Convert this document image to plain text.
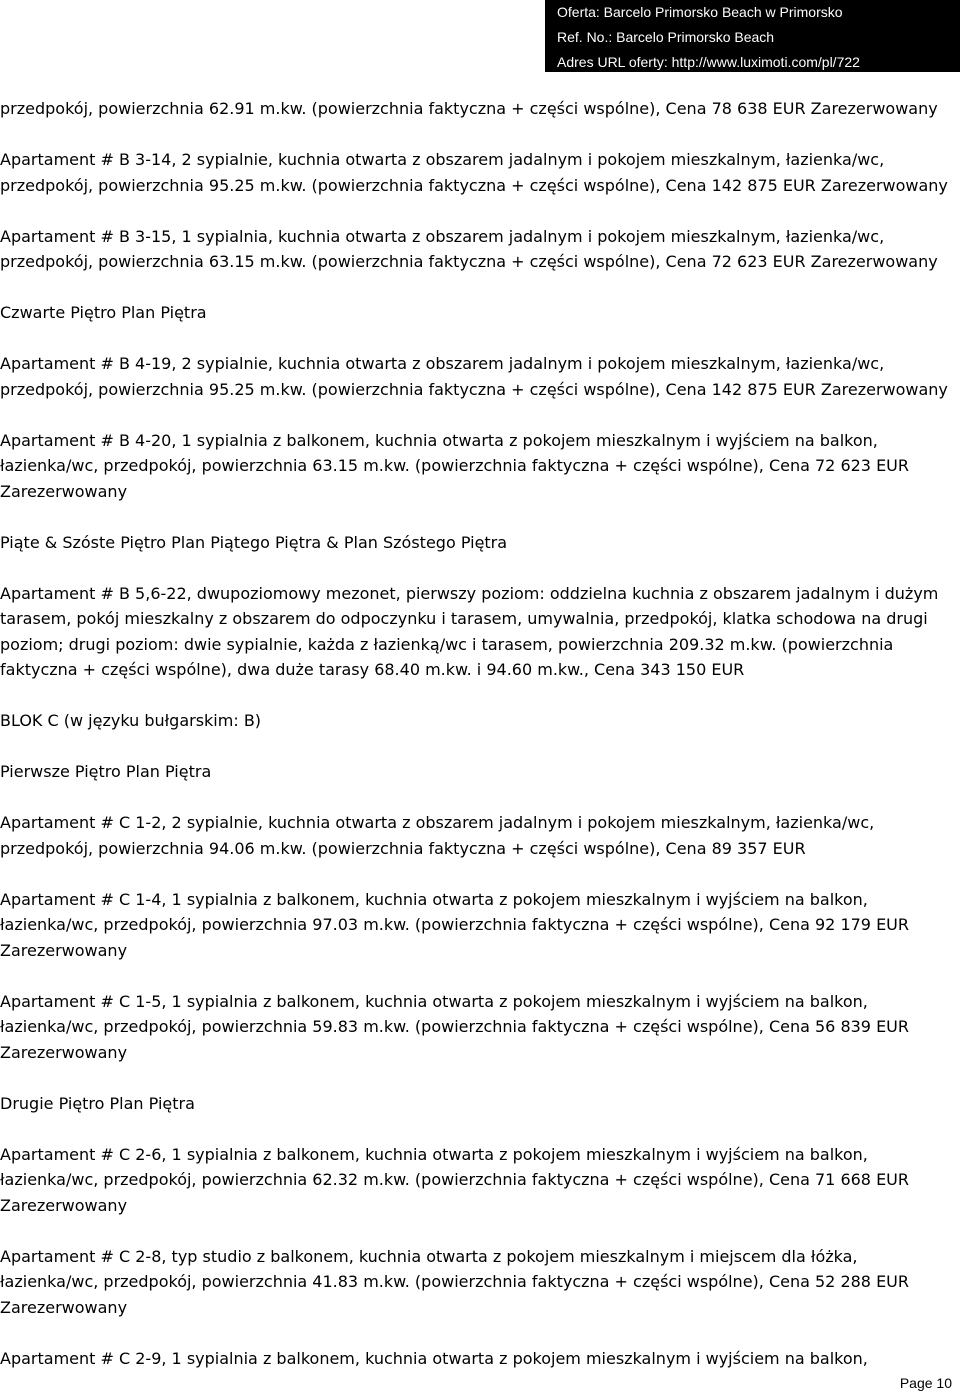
Oferta: Barcelo Primorsko Beach w Primorsko
Ref. No.: Barcelo Primorsko Beach
Adres URL oferty: http://www.luximoti.com/pl/722

przedpokój, powierzchnia 62.91 m.kw. (powierzchnia faktyczna + części wspólne), Cena 78 638 EUR Zarezerwowany

Apartament # B 3-14, 2 sypialnie, kuchnia otwarta z obszarem jadalnym i pokojem mieszkalnym, łazienka/wc, przedpokój, powierzchnia 95.25 m.kw. (powierzchnia faktyczna + części wspólne), Cena 142 875 EUR Zarezerwowany

Apartament # B 3-15, 1 sypialnia, kuchnia otwarta z obszarem jadalnym i pokojem mieszkalnym, łazienka/wc, przedpokój, powierzchnia 63.15 m.kw. (powierzchnia faktyczna + części wspólne), Cena 72 623 EUR Zarezerwowany

Czwarte Piętro Plan Piętra

Apartament # B 4-19, 2 sypialnie, kuchnia otwarta z obszarem jadalnym i pokojem mieszkalnym, łazienka/wc, przedpokój, powierzchnia 95.25 m.kw. (powierzchnia faktyczna + części wspólne), Cena 142 875 EUR Zarezerwowany

Apartament # B 4-20, 1 sypialnia z balkonem, kuchnia otwarta z pokojem mieszkalnym i wyjściem na balkon, łazienka/wc, przedpokój, powierzchnia 63.15 m.kw. (powierzchnia faktyczna + części wspólne), Cena 72 623 EUR Zarezerwowany

Piąte & Szóste Piętro Plan Piątego Piętra & Plan Szóstego Piętra

Apartament # B 5,6-22, dwupoziomowy mezonet, pierwszy poziom: oddzielna kuchnia z obszarem jadalnym i dużym tarasem, pokój mieszkalny z obszarem do odpoczynku i tarasem, umywalnia, przedpokój, klatka schodowa na drugi poziom; drugi poziom: dwie sypialnie, każda z łazienką/wc i tarasem, powierzchnia 209.32 m.kw. (powierzchnia faktyczna + części wspólne), dwa duże tarasy 68.40 m.kw. i 94.60 m.kw., Cena 343 150 EUR

BLOK C (w języku bułgarskim: B)

Pierwsze Piętro Plan Piętra

Apartament # C 1-2, 2 sypialnie, kuchnia otwarta z obszarem jadalnym i pokojem mieszkalnym, łazienka/wc, przedpokój, powierzchnia 94.06 m.kw. (powierzchnia faktyczna + części wspólne), Cena 89 357 EUR

Apartament # C 1-4, 1 sypialnia z balkonem, kuchnia otwarta z pokojem mieszkalnym i wyjściem na balkon, łazienka/wc, przedpokój, powierzchnia 97.03 m.kw. (powierzchnia faktyczna + części wspólne), Cena 92 179 EUR Zarezerwowany

Apartament # C 1-5, 1 sypialnia z balkonem, kuchnia otwarta z pokojem mieszkalnym i wyjściem na balkon, łazienka/wc, przedpokój, powierzchnia 59.83 m.kw. (powierzchnia faktyczna + części wspólne), Cena 56 839 EUR Zarezerwowany

Drugie Piętro Plan Piętra

Apartament # C 2-6, 1 sypialnia z balkonem, kuchnia otwarta z pokojem mieszkalnym i wyjściem na balkon, łazienka/wc, przedpokój, powierzchnia 62.32 m.kw. (powierzchnia faktyczna + części wspólne), Cena 71 668 EUR Zarezerwowany

Apartament # C 2-8, typ studio z balkonem, kuchnia otwarta z pokojem mieszkalnym i miejscem dla łóżka, łazienka/wc, przedpokój, powierzchnia 41.83 m.kw. (powierzchnia faktyczna + części wspólne), Cena 52 288 EUR Zarezerwowany

Apartament # C 2-9, 1 sypialnia z balkonem, kuchnia otwarta z pokojem mieszkalnym i wyjściem na balkon,

Page 10
